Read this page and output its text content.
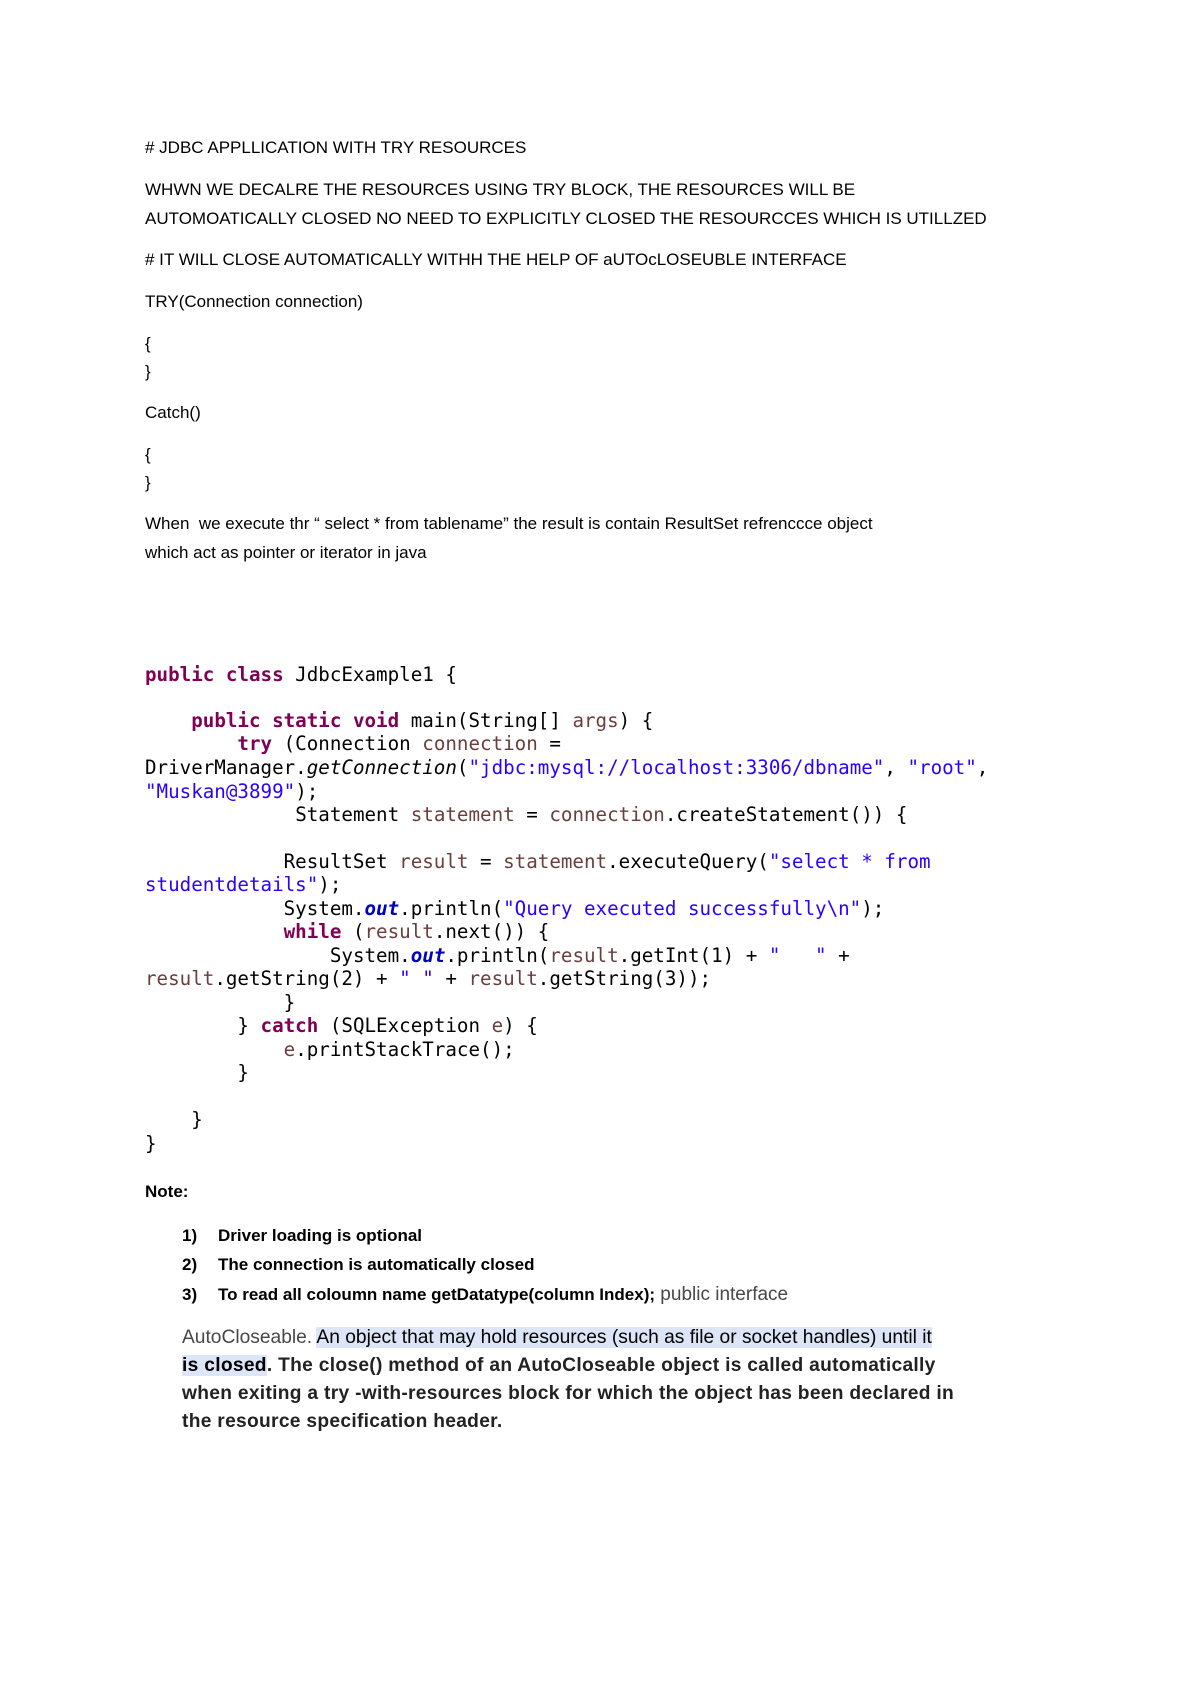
# JDBC APPLLICATION WITH TRY RESOURCES
WHWN WE DECALRE THE RESOURCES USING TRY BLOCK, THE RESOURCES WILL BE
AUTOMOATICALLY CLOSED NO NEED TO EXPLICITLY CLOSED THE RESOURCCES WHICH IS UTILLZED
# IT WILL CLOSE AUTOMATICALLY WITHH THE HELP OF aUTOcLOSEUBLE INTERFACE
TRY(Connection connection)
{
}
Catch()
{
}
When  we execute thr “ select * from tablename” the result is contain ResultSet refrenccce object
which act as pointer or iterator in java
public class JdbcExample1 {
public static void main(String[] args) {
try (Connection connection =
DriverManager.getConnection("jdbc:mysql://localhost:3306/dbname", "root",
"Muskan@3899");
Statement statement = connection.createStatement()) {
ResultSet result = statement.executeQuery("select * from
studentdetails");
System.out.println("Query executed successfully\n");
while (result.next()) {
System.out.println(result.getInt(1) + "   " +
result.getString(2) + " " + result.getString(3));
}
} catch (SQLException e) {
e.printStackTrace();
}
}
}
Note:
1) Driver loading is optional
2) The connection is automatically closed
3) To read all coloumn name getDatatype(column Index); public interface
AutoCloseable. An object that may hold resources (such as file or socket handles) until it
is closed. The close() method of an AutoCloseable object is called automatically
when exiting a try -with-resources block for which the object has been declared in
the resource specification header.
